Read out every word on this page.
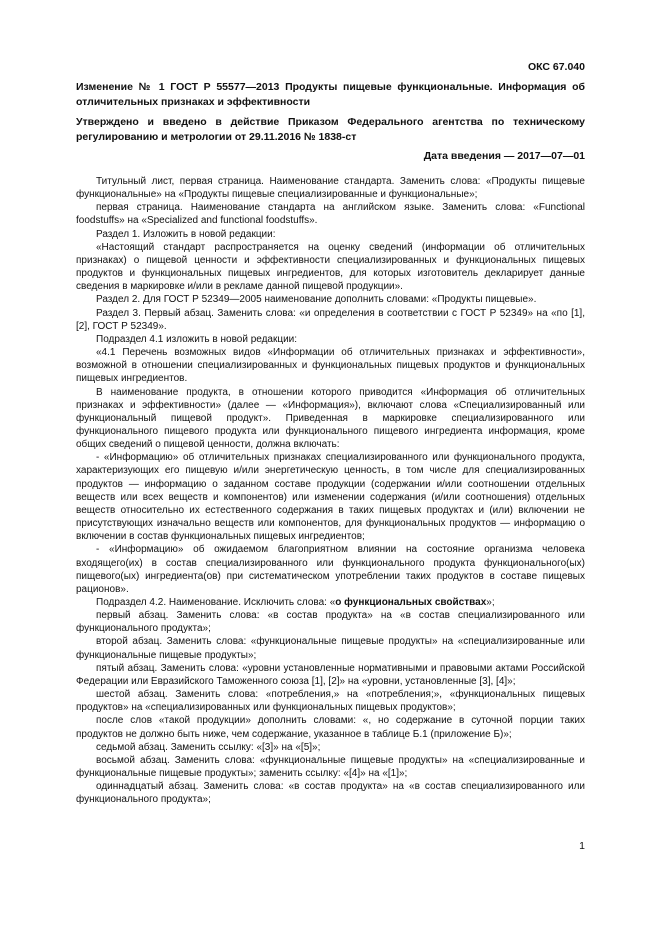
ОКС 67.040

Изменение № 1 ГОСТ Р 55577—2013 Продукты пищевые функциональные. Информация об отличительных признаках и эффективности

Утверждено и введено в действие Приказом Федерального агентства по техническому регулированию и метрологии от 29.11.2016 № 1838-ст

Дата введения — 2017—07—01

Титульный лист, первая страница. Наименование стандарта. Заменить слова: «Продукты пищевые функциональные» на «Продукты пищевые специализированные и функциональные»;

первая страница. Наименование стандарта на английском языке. Заменить слова: «Functional foodstuffs» на «Specialized and functional foodstuffs».

Раздел 1. Изложить в новой редакции:

«Настоящий стандарт распространяется на оценку сведений (информации об отличительных признаках) о пищевой ценности и эффективности специализированных и функциональных пищевых продуктов и функциональных пищевых ингредиентов, для которых изготовитель декларирует данные сведения в маркировке и/или в рекламе данной пищевой продукции».

Раздел 2. Для ГОСТ Р 52349—2005 наименование дополнить словами: «Продукты пищевые».

Раздел 3. Первый абзац. Заменить слова: «и определения в соответствии с ГОСТ Р 52349» на «по [1], [2], ГОСТ Р 52349».

Подраздел 4.1 изложить в новой редакции:

«4.1 Перечень возможных видов «Информации об отличительных признаках и эффективности», возможной в отношении специализированных и функциональных пищевых продуктов и функциональных пищевых ингредиентов.

В наименование продукта, в отношении которого приводится «Информация об отличительных признаках и эффективности» (далее — «Информация»), включают слова «Специализированный или функциональный пищевой продукт». Приведенная в маркировке специализированного или функционального пищевого продукта или функционального пищевого ингредиента информация, кроме общих сведений о пищевой ценности, должна включать:

- «Информацию» об отличительных признаках специализированного или функционального продукта, характеризующих его пищевую и/или энергетическую ценность, в том числе для специализированных продуктов — информацию о заданном составе продукции (содержании и/или соотношении отдельных веществ или всех веществ и компонентов) или изменении содержания (и/или соотношения) отдельных веществ относительно их естественного содержания в таких пищевых продуктах и (или) включении не присутствующих изначально веществ или компонентов, для функциональных продуктов — информацию о включении в состав функциональных пищевых ингредиентов;

- «Информацию» об ожидаемом благоприятном влиянии на состояние организма человека входящего(их) в состав специализированного или функционального продукта функционального(ых) пищевого(ых) ингредиента(ов) при систематическом употреблении таких продуктов в составе пищевых рационов».

Подраздел 4.2. Наименование. Исключить слова: «о функциональных свойствах»;

первый абзац. Заменить слова: «в состав продукта» на «в состав специализированного или функционального продукта»;

второй абзац. Заменить слова: «функциональные пищевые продукты» на «специализированные или функциональные пищевые продукты»;

пятый абзац. Заменить слова: «уровни установленные нормативными и правовыми актами Российской Федерации или Евразийского Таможенного союза [1], [2]» на «уровни, установленные [3], [4]»;

шестой абзац. Заменить слова: «потребления,» на «потребления;», «функциональных пищевых продуктов» на «специализированных или функциональных пищевых продуктов»;

после слов «такой продукции» дополнить словами: «, но содержание в суточной порции таких продуктов не должно быть ниже, чем содержание, указанное в таблице Б.1 (приложение Б)»;

седьмой абзац. Заменить ссылку: «[3]» на «[5]»;

восьмой абзац. Заменить слова: «функциональные пищевые продукты» на «специализированные и функциональные пищевые продукты»; заменить ссылку: «[4]» на «[1]»;

одиннадцатый абзац. Заменить слова: «в состав продукта» на «в состав специализированного или функционального продукта»;

1
